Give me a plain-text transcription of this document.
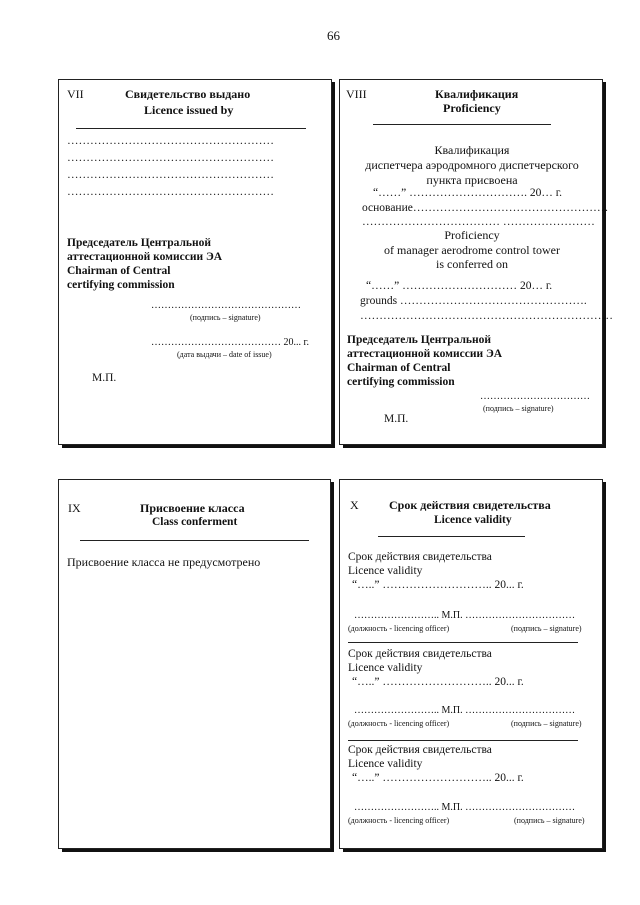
66
VII	Свидетельство выдано
Licence issued by
………………………………………………
………………………………………………
………………………………………………
………………………………………………
Председатель Центральной
аттестационной комиссии ЭА
Chairman of Central
certifying commission
………………………………………
(подпись – signature)
………………………………… 20... г.
(дата выдачи – date of issue)
М.П.
VIII	Квалификация
Proficiency
Квалификация
диспетчера аэродромного диспетчерского
пункта присвоена
“……” …………………………. 20… г.
основание……………………………………………
……………………………… ……………………
Proficiency
of manager aerodrome control tower
is conferred on
“……” ………………………… 20… г.
grounds ………………………………………….
…………………………………………………………
Председатель Центральной
аттестационной комиссии ЭА
Chairman of Central
certifying commission
……………………………
(подпись – signature)
М.П.
IX	Присвоение класса
Class conferment
Присвоение класса не предусмотрено
X	Срок действия свидетельства
Licence validity
Срок действия свидетельства
Licence validity
“…..” ……………………….. 20... г.
…………………….. М.П. ……………………………
(должность - licencing officer)	(подпись – signature)
Срок действия свидетельства
Licence validity
“…..” ……………………….. 20... г.
…………………….. М.П. ……………………………
(должность - licencing officer)	(подпись – signature)
Срок действия свидетельства
Licence validity
“…..” ……………………….. 20... г.
…………………….. М.П. ……………………………
(должность - licencing officer)	(подпись – signature)
